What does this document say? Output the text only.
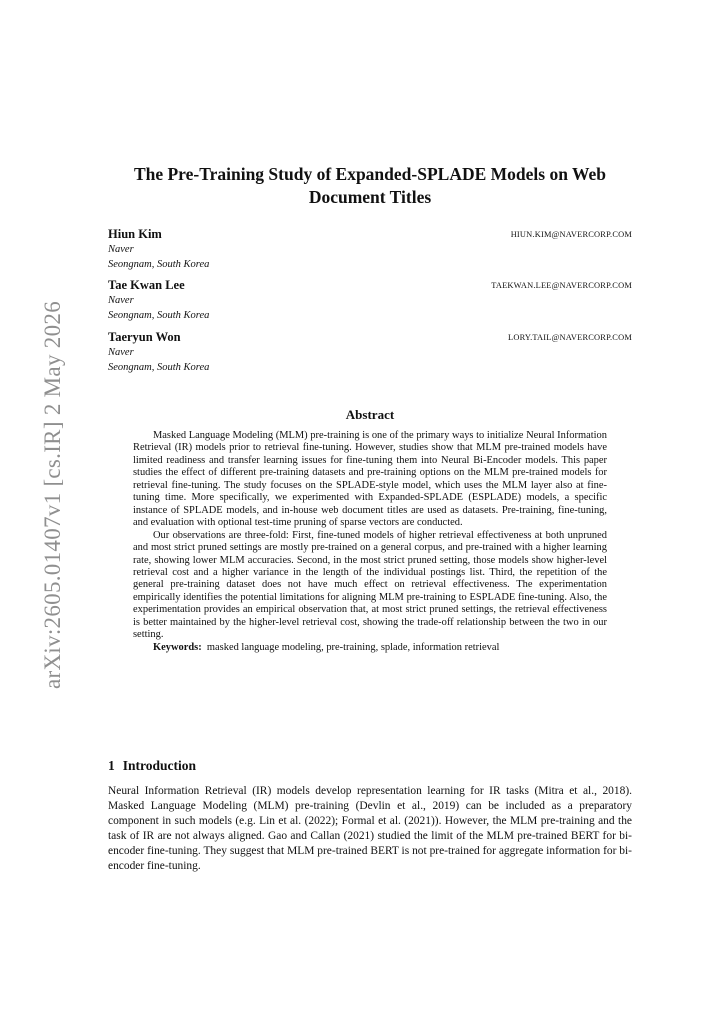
arXiv:2605.01407v1 [cs.IR] 2 May 2026
The Pre-Training Study of Expanded-SPLADE Models on Web Document Titles
Hiun Kim	HIUN.KIM@NAVERCORP.COM
Naver
Seongnam, South Korea
Tae Kwan Lee	TAEKWAN.LEE@NAVERCORP.COM
Naver
Seongnam, South Korea
Taeryun Won	LORY.TAIL@NAVERCORP.COM
Naver
Seongnam, South Korea
Abstract

Masked Language Modeling (MLM) pre-training is one of the primary ways to initialize Neural Information Retrieval (IR) models prior to retrieval fine-tuning. However, studies show that MLM pre-trained models have limited readiness and transfer learning issues for fine-tuning them into Neural Bi-Encoder models. This paper studies the effect of different pre-training datasets and pre-training options on the MLM pre-trained models for retrieval fine-tuning. The study focuses on the SPLADE-style model, which uses the MLM layer also at fine-tuning time. More specifically, we experimented with Expanded-SPLADE (ESPLADE) models, a specific instance of SPLADE models, and in-house web document titles are used as datasets. Pre-training, fine-tuning, and evaluation with optional test-time pruning of sparse vectors are conducted.

Our observations are three-fold: First, fine-tuned models of higher retrieval effectiveness at both unpruned and most strict pruned settings are mostly pre-trained on a general corpus, and pre-trained with a higher learning rate, showing lower MLM accuracies. Second, in the most strict pruned setting, those models show higher-level retrieval cost and a higher variance in the length of the individual postings list. Third, the repetition of the general pre-training dataset does not have much effect on retrieval effectiveness. The experimentation empirically identifies the potential limitations for aligning MLM pre-training to ESPLADE fine-tuning. Also, the experimentation provides an empirical observation that, at most strict pruned settings, the retrieval effectiveness is better maintained by the higher-level retrieval cost, showing the trade-off relationship between the two in our setting.

Keywords: masked language modeling, pre-training, splade, information retrieval

1 Introduction

Neural Information Retrieval (IR) models develop representation learning for IR tasks (Mitra et al., 2018). Masked Language Modeling (MLM) pre-training (Devlin et al., 2019) can be included as a preparatory component in such models (e.g. Lin et al. (2022); Formal et al. (2021)). However, the MLM pre-training and the task of IR are not always aligned. Gao and Callan (2021) studied the limit of the MLM pre-trained BERT for bi-encoder fine-tuning. They suggest that MLM pre-trained BERT is not pre-trained for aggregate information for bi-encoder fine-tuning.
